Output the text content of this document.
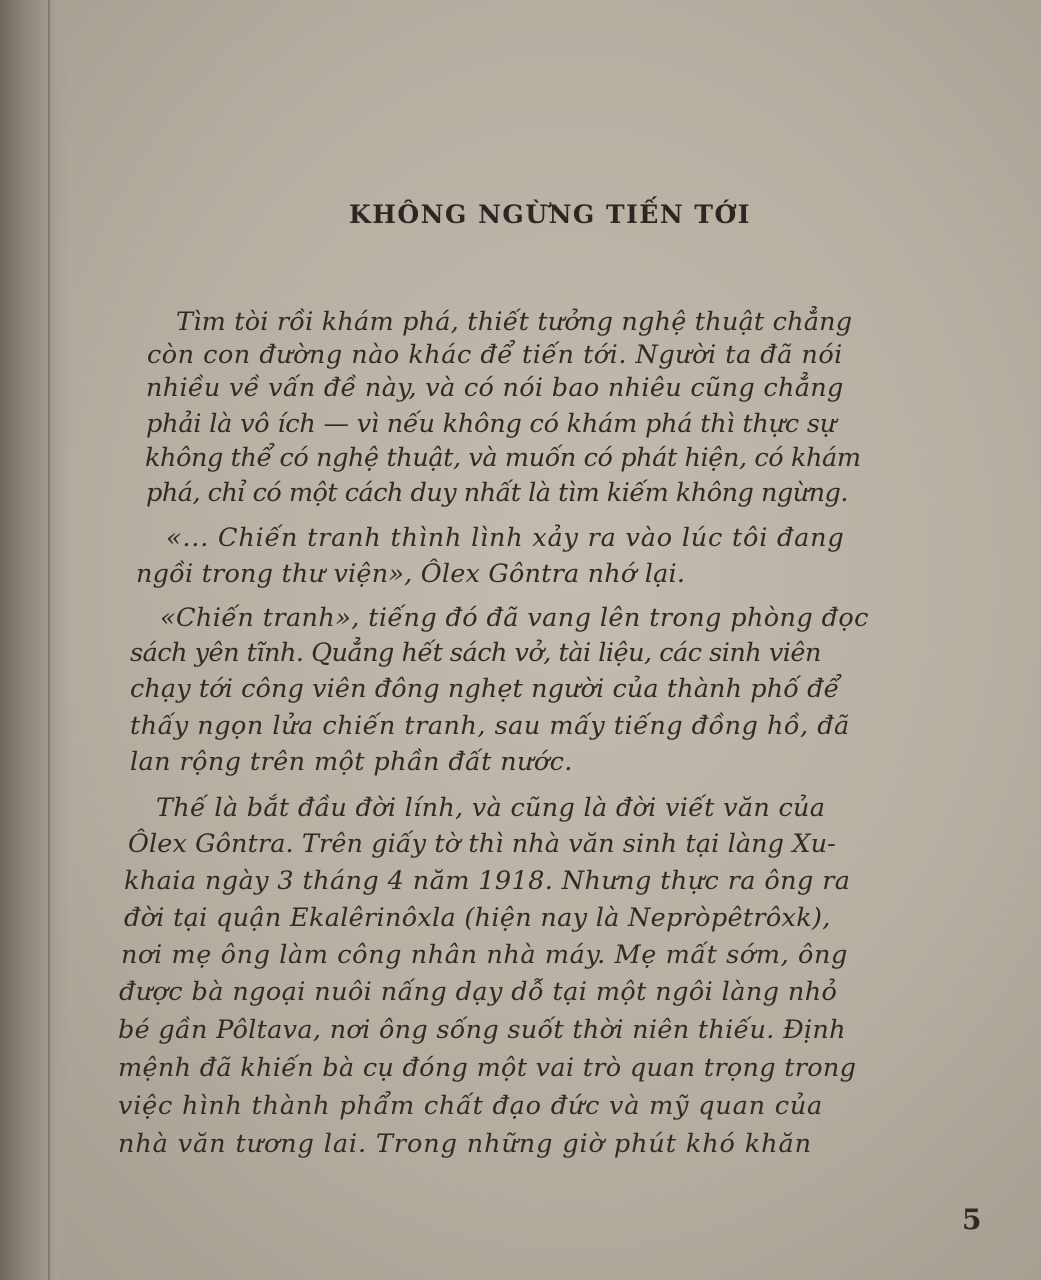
KHÔNG NGỪNG TIẾN TỚI
Tìm tòi rồi khám phá, thiết tưởng nghệ thuật chẳng
còn con đường nào khác để tiến tới. Người ta đã nói
nhiều về vấn đề này, và có nói bao nhiêu cũng chẳng
phải là vô ích — vì nếu không có khám phá thì thực sự
không thể có nghệ thuật, và muốn có phát hiện, có khám
phá, chỉ có một cách duy nhất là tìm kiếm không ngừng.
«... Chiến tranh thình lình xảy ra vào lúc tôi đang
ngồi trong thư viện», Ôlex Gôntra nhớ lại.
«Chiến tranh», tiếng đó đã vang lên trong phòng đọc
sách yên tĩnh. Quẳng hết sách vở, tài liệu, các sinh viên
chạy tới công viên đông nghẹt người của thành phố để
thấy ngọn lửa chiến tranh, sau mấy tiếng đồng hồ, đã
lan rộng trên một phần đất nước.
Thế là bắt đầu đời lính, và cũng là đời viết văn của
Ôlex Gôntra. Trên giấy tờ thì nhà văn sinh tại làng Xu-
khaia ngày 3 tháng 4 năm 1918. Nhưng thực ra ông ra
đời tại quận Ekalêrinôxla (hiện nay là Nepròpêtrôxk),
nơi mẹ ông làm công nhân nhà máy. Mẹ mất sớm, ông
được bà ngoại nuôi nấng dạy dỗ tại một ngôi làng nhỏ
bé gần Pôltava, nơi ông sống suốt thời niên thiếu. Định
mệnh đã khiến bà cụ đóng một vai trò quan trọng trong
việc hình thành phẩm chất đạo đức và mỹ quan của
nhà văn tương lai. Trong những giờ phút khó khăn
5
